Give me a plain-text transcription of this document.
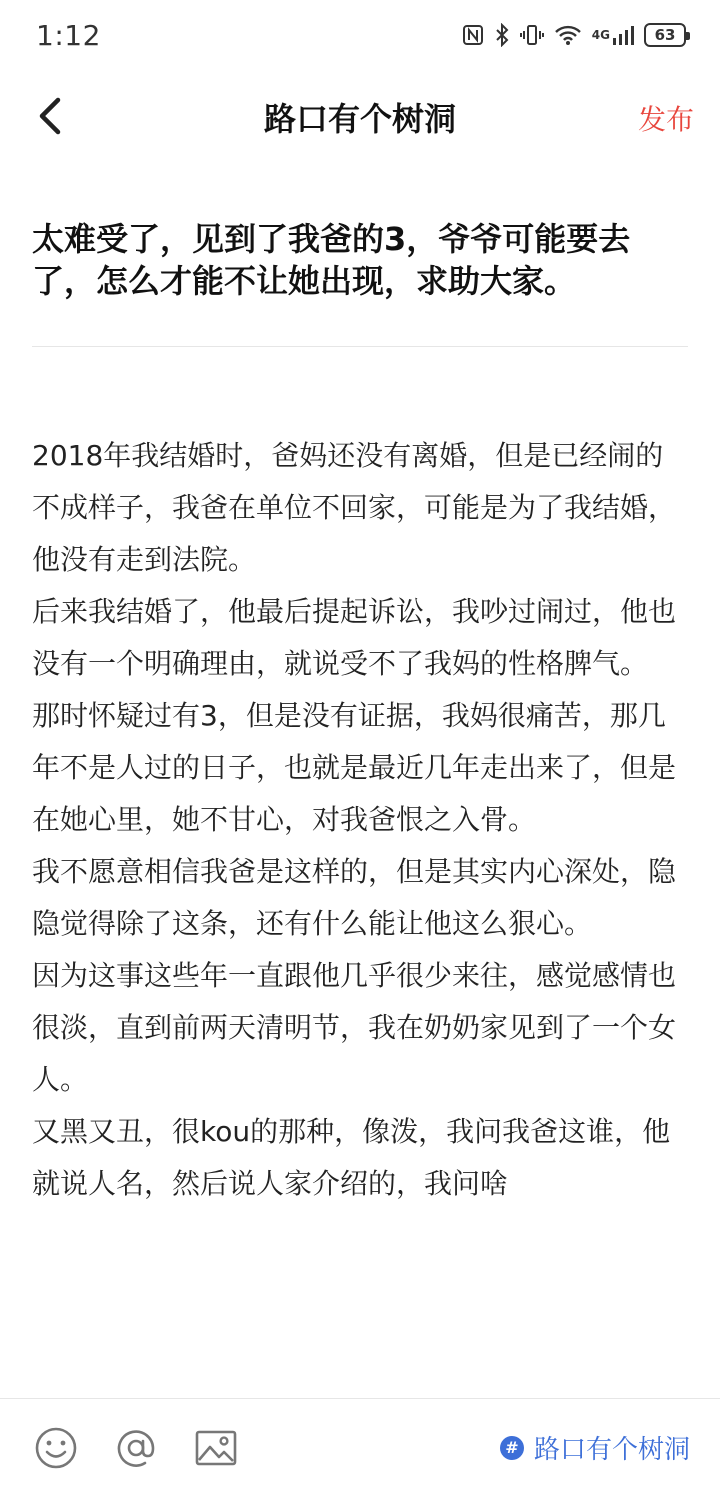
1:12	4G	63
路口有个树洞	发布
太难受了，见到了我爸的3，爷爷可能要去了，怎么才能不让她出现，求助大家。

2018年我结婚时，爸妈还没有离婚，但是已经闹的不成样子，我爸在单位不回家，可能是为了我结婚，他没有走到法院。

后来我结婚了，他最后提起诉讼，我吵过闹过，他也没有一个明确理由，就说受不了我妈的性格脾气。

那时怀疑过有3，但是没有证据，我妈很痛苦，那几年不是人过的日子，也就是最近几年走出来了，但是在她心里，她不甘心，对我爸恨之入骨。

我不愿意相信我爸是这样的，但是其实内心深处，隐隐觉得除了这条，还有什么能让他这么狠心。

因为这事这些年一直跟他几乎很少来往，感觉感情也很淡，直到前两天清明节，我在奶奶家见到了一个女人。

又黑又丑，很kou的那种，像泼，我问我爸这谁，他就说人名，然后说人家介绍的，我问啥

# 路口有个树洞
